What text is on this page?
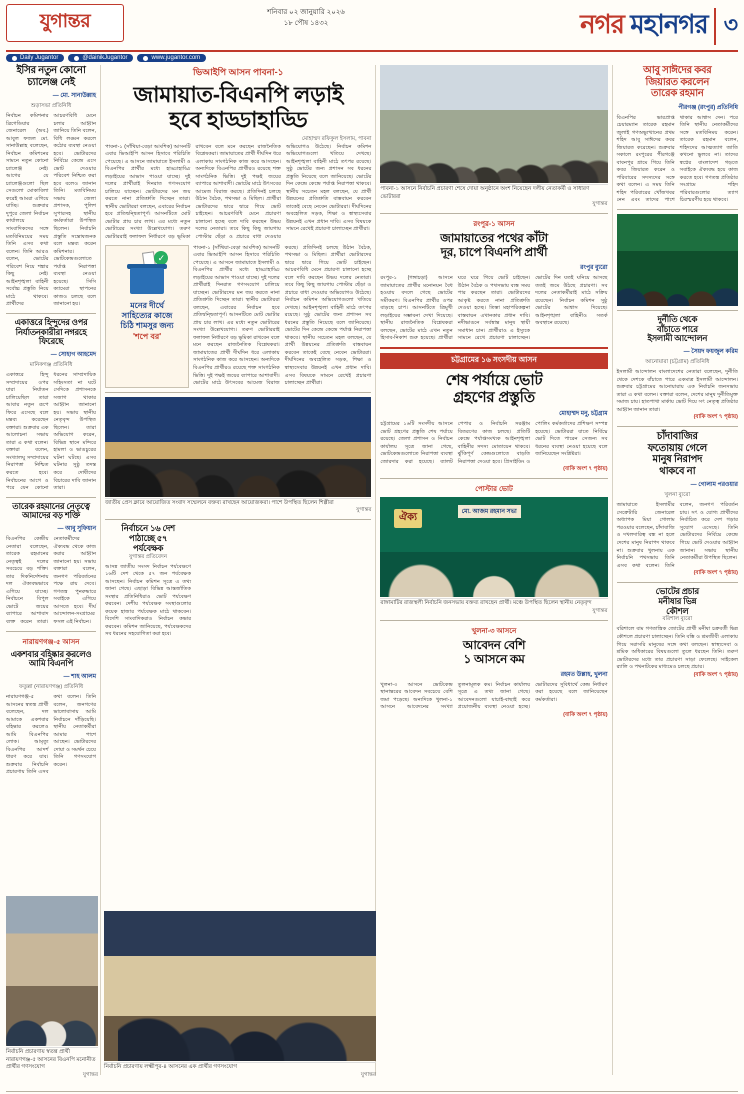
যুগান্তর	শনিবার ০২ জানুয়ারি ২০২৬
১৮ পৌষ ১৪৩২	নগর মহানগর ৩
Daily Jugantor	@dainikJugantor	www.jugantor.com
ইসির নতুন কোনো চ্যালেঞ্জ নেই
— মো. সানাউল্লাহ
শুড়াসভা প্রতিনিধি
নির্বাচন কমিশনার ব্রিগেডিয়ার জেনারেল (অব.) আবুল ফজল মো. সানাউল্লাহ বলেছেন, নির্বাচন কমিশনের সামনে নতুন কোনো চ্যালেঞ্জ নেই। আগের যে চ্যালেঞ্জগুলো ছিল সেগুলো মোকাবিলা করেই আমরা এগিয়ে যাচ্ছি। শুক্রবার দুপুরে জেলা নির্বাচন কার্যালয়ে সাংবাদিকদের সঙ্গে মতবিনিময়ের সময় তিনি এসব কথা বলেন। তিনি আরও বলেন, ভোটের পরিবেশ নিয়ে শঙ্কার কিছু নেই। আইনশৃঙ্খলা বাহিনী সর্বোচ্চ প্রস্তুতি নিয়ে মাঠে থাকবে। প্রার্থীদের আচরণবিধি মেনে চলার আহ্বান জানিয়ে তিনি বলেন, বিধি লঙ্ঘন করলে কঠোর ব্যবস্থা নেওয়া হবে। ভোটারদের নির্বিঘ্নে কেন্দ্রে এসে ভোট দেওয়ার পরিবেশ নিশ্চিত করা হবে বলেও জানান তিনি। মতবিনিময় সভায় জেলা প্রশাসক, পুলিশ সুপারসহ স্থানীয় কর্মকর্তারা উপস্থিত ছিলেন। নির্বাচনি প্রস্তুতি সন্তোষজনক বলে মন্তব্য করেন কমিশনার। ভোটকেন্দ্রগুলোতে পর্যাপ্ত নিরাপত্তা ব্যবস্থা নেওয়া হয়েছে। সিসি ক্যামেরা স্থাপনের কাজও চলছে বলে জানানো হয়।
একাত্তরে হিন্দুদের ওপর নির্যাতনকারীরা নগরহে ফিরেছে
— সোহাগ আহমেদ
মানিকগঞ্জ প্রতিনিধি
একাত্তরে হিন্দু সম্প্রদায়ের ওপর যারা নির্যাতন চালিয়েছিল তারা আবার নতুন রূপে ফিরে এসেছে বলে মন্তব্য করেছেন বক্তারা। শুক্রবার এক আলোচনা সভায় তারা এ কথা বলেন। বক্তারা বলেন, সংখ্যালঘু সম্প্রদায়ের নিরাপত্তা নিশ্চিত করতে হবে। নির্বাচনের আগে ও পরে যেন কোনো ধরনের সাম্প্রদায়িক সহিংসতা না ঘটে সেদিকে প্রশাসনকে সজাগ থাকার আহ্বান জানানো হয়। সভায় স্থানীয় নেতৃবৃন্দ উপস্থিত ছিলেন। তারা অভিযোগ করেন, বিভিন্ন স্থানে মন্দিরে হামলা ও ভাঙচুরের ঘটনা ঘটছে। এসব ঘটনার সুষ্ঠু তদন্ত করে দোষীদের বিচারের দাবি জানান তারা।
তারেক রহমানের নেতৃত্বে আমাদের বড় শক্তি
— আবু সুফিয়ান
বিএনপির কেন্দ্রীয় নেতারা বলেছেন, তারেক রহমানের নেতৃত্বই দলের সবচেয়ে বড় শক্তি। তার দিকনির্দেশনায় দল ঐক্যবদ্ধভাবে এগিয়ে যাচ্ছে। নির্বাচনে বিপুল ভোটে জয়ের ব্যাপারে আশাবাদ ব্যক্ত করেন তারা। নেতাকর্মীদের ঐক্যবদ্ধ থেকে কাজ করার আহ্বান জানানো হয়। সভায় বক্তারা বলেন, জনগণ পরিবর্তনের পক্ষে রায় দেবে। গণতন্ত্র পুনরুদ্ধারে সবাইকে এগিয়ে আসতে হবে। দীর্ঘ আন্দোলন-সংগ্রামের ফসল এই নির্বাচন।
নারায়ণগঞ্জ-৫ আসন
একশবার বহিষ্কার করলেও আমি বিএনপি
— শাহ আলম
ফতুল্লা (নারায়ণগঞ্জ) প্রতিনিধি
নারায়ণগঞ্জ-৫ আসনের স্বতন্ত্র প্রার্থী বলেছেন, দল আমাকে একশবার বহিষ্কার করলেও আমি বিএনপির লোক। আমৃত্যু বিএনপির আদর্শ ধারণ করে যাব। শুক্রবার নির্বাচনি প্রচারণায় তিনি এসব কথা বলেন। তিনি বলেন, জনগণের ভালোবাসায় আমি নির্বাচনে দাঁড়িয়েছি। স্থানীয় নেতাকর্মীরা আমার পাশে আছেন। ভোটারদের দোয়া ও সমর্থন চেয়ে তিনি গণসংযোগ করেন।
ভিআইপি আসন পাবনা-১
জামায়াত-বিএনপি লড়াই
হবে হাড্ডাহাড্ডি
মোহাম্মদ রফিকুল ইসলাম, পাবনা
পাবনা-১ (সাঁথিয়া-বেড়া আংশিক) আসনটি এবার ভিআইপি আসন হিসাবে পরিচিতি পেয়েছে। এ আসনে জামায়াতে ইসলামী ও বিএনপির প্রার্থীর মধ্যে হাড্ডাহাড্ডি লড়াইয়ের আভাস পাওয়া যাচ্ছে। দুই দলের প্রার্থীরাই দিনরাত গণসংযোগ চালিয়ে যাচ্ছেন। ভোটারদের মন জয় করতে নানা প্রতিশ্রুতি দিচ্ছেন তারা। স্থানীয় ভোটাররা বলছেন, এবারের নির্বাচন হবে প্রতিদ্বন্দ্বিতাপূর্ণ। আসনটিতে মোট ভোটার প্রায় চার লাখ। এর মধ্যে নতুন ভোটারের সংখ্যা উল্লেখযোগ্য। তরুণ ভোটাররাই ফলাফল নির্ধারণে বড় ভূমিকা রাখবেন বলে মনে করছেন রাজনৈতিক বিশ্লেষকরা। জামায়াতের প্রার্থী দীর্ঘদিন ধরে এলাকায় সাংগঠনিক কাজ করে আসছেন। অন্যদিকে বিএনপির প্রার্থীরও রয়েছে শক্ত সাংগঠনিক ভিত্তি। দুই পক্ষই জয়ের ব্যাপারে আশাবাদী। ভোটের মাঠে উৎসবের আমেজ বিরাজ করছে। প্রতিদিনই চলছে উঠান বৈঠক, পথসভা ও মিছিল। প্রার্থীরা ভোটারদের দ্বারে দ্বারে গিয়ে ভোট চাইছেন। আচরণবিধি মেনে প্রচারণা চালানো হচ্ছে বলে দাবি করছেন উভয় দলের নেতারা। তবে কিছু কিছু জায়গায় পোস্টার ছেঁড়া ও প্রচারে বাধা দেওয়ার অভিযোগও উঠেছে। নির্বাচন কমিশন অভিযোগগুলো খতিয়ে দেখছে। আইনশৃঙ্খলা বাহিনী মাঠে তৎপর রয়েছে। সুষ্ঠু ভোটের জন্য প্রশাসন সব ধরনের প্রস্তুতি নিয়েছে বলে জানিয়েছে। ভোটের দিন কেন্দ্রে কেন্দ্রে পর্যাপ্ত নিরাপত্তা থাকবে। স্থানীয় সচেতন মহল বলছেন, যে প্রার্থী উন্নয়নের প্রতিশ্রুতি বাস্তবায়ন করবেন তাকেই বেছে নেবেন ভোটাররা। দীর্ঘদিনের অবহেলিত সড়ক, শিক্ষা ও স্বাস্থ্যসেবার উন্নয়নই এখন প্রধান দাবি। এসব বিষয়কে সামনে রেখেই প্রচারণা চালাচ্ছেন প্রার্থীরা।
✓
মনের দীর্ঘে
সাহিত্যের কাজে
চিঠি শামসুর জন্য
'শপে বর'
পাবনা-১ (সাঁথিয়া-বেড়া আংশিক) আসনটি এবার ভিআইপি আসন হিসাবে পরিচিতি পেয়েছে। এ আসনে জামায়াতে ইসলামী ও বিএনপির প্রার্থীর মধ্যে হাড্ডাহাড্ডি লড়াইয়ের আভাস পাওয়া যাচ্ছে। দুই দলের প্রার্থীরাই দিনরাত গণসংযোগ চালিয়ে যাচ্ছেন। ভোটারদের মন জয় করতে নানা প্রতিশ্রুতি দিচ্ছেন তারা। স্থানীয় ভোটাররা বলছেন, এবারের নির্বাচন হবে প্রতিদ্বন্দ্বিতাপূর্ণ। আসনটিতে মোট ভোটার প্রায় চার লাখ। এর মধ্যে নতুন ভোটারের সংখ্যা উল্লেখযোগ্য। তরুণ ভোটাররাই ফলাফল নির্ধারণে বড় ভূমিকা রাখবেন বলে মনে করছেন রাজনৈতিক বিশ্লেষকরা। জামায়াতের প্রার্থী দীর্ঘদিন ধরে এলাকায় সাংগঠনিক কাজ করে আসছেন। অন্যদিকে বিএনপির প্রার্থীরও রয়েছে শক্ত সাংগঠনিক ভিত্তি। দুই পক্ষই জয়ের ব্যাপারে আশাবাদী। ভোটের মাঠে উৎসবের আমেজ বিরাজ করছে। প্রতিদিনই চলছে উঠান বৈঠক, পথসভা ও মিছিল। প্রার্থীরা ভোটারদের দ্বারে দ্বারে গিয়ে ভোট চাইছেন। আচরণবিধি মেনে প্রচারণা চালানো হচ্ছে বলে দাবি করছেন উভয় দলের নেতারা। তবে কিছু কিছু জায়গায় পোস্টার ছেঁড়া ও প্রচারে বাধা দেওয়ার অভিযোগও উঠেছে। নির্বাচন কমিশন অভিযোগগুলো খতিয়ে দেখছে। আইনশৃঙ্খলা বাহিনী মাঠে তৎপর রয়েছে। সুষ্ঠু ভোটের জন্য প্রশাসন সব ধরনের প্রস্তুতি নিয়েছে বলে জানিয়েছে। ভোটের দিন কেন্দ্রে কেন্দ্রে পর্যাপ্ত নিরাপত্তা থাকবে। স্থানীয় সচেতন মহল বলছেন, যে প্রার্থী উন্নয়নের প্রতিশ্রুতি বাস্তবায়ন করবেন তাকেই বেছে নেবেন ভোটাররা। দীর্ঘদিনের অবহেলিত সড়ক, শিক্ষা ও স্বাস্থ্যসেবার উন্নয়নই এখন প্রধান দাবি। এসব বিষয়কে সামনে রেখেই প্রচারণা চালাচ্ছেন প্রার্থীরা।
জাতীয় প্রেস ক্লাবে আয়োজিত সংবাদ সম্মেলনে বক্তব্য রাখছেন আয়োজকরা। পাশে উপস্থিত ছিলেন শিল্পীরা
যুগান্তর
নির্বাচনে ১৬ দেশ
পাঠাচ্ছে ৫৭
পর্যবেক্ষক
যুগান্তর প্রতিবেদন
আসন্ন জাতীয় সংসদ নির্বাচন পর্যবেক্ষণে ১৬টি দেশ থেকে ৫৭ জন পর্যবেক্ষক আসছেন। নির্বাচন কমিশন সূত্রে এ তথ্য জানা গেছে। এছাড়া বিভিন্ন আন্তর্জাতিক সংস্থার প্রতিনিধিরাও ভোট পর্যবেক্ষণ করবেন। দেশীয় পর্যবেক্ষক সংস্থাগুলোর কয়েক হাজার পর্যবেক্ষক মাঠে থাকবেন। বিদেশি সাংবাদিকরাও নির্বাচন কভার করবেন। কমিশন জানিয়েছে, পর্যবেক্ষকদের সব ধরনের সহযোগিতা করা হবে।
পাবনা-১ আসনে নির্বাচনি প্রচারণা শেষে দোয়া অনুষ্ঠানে অংশ নিয়েছেন দলীয় নেতাকর্মী ও সাধারণ ভোটাররা
যুগান্তর
রংপুর-১ আসন
জামায়াতের পথের কাঁটা
দূর, চাপে বিএনপি প্রার্থী
রংপুর ব্যুরো
রংপুর-১ (গঙ্গাচড়া) আসনে জামায়াতের প্রার্থীর মনোনয়ন বৈধ হওয়ায় বদলে গেছে ভোটের সমীকরণ। বিএনপির প্রার্থীর ওপর বাড়ছে চাপ। আসনটিতে ত্রিমুখী লড়াইয়ের সম্ভাবনা দেখা দিয়েছে। স্থানীয় রাজনৈতিক বিশ্লেষকরা বলছেন, ভোটের মাঠে এখন নতুন হিসাব-নিকাশ শুরু হয়েছে। প্রার্থীরা ঘরে ঘরে গিয়ে ভোট চাইছেন। উঠান বৈঠক ও পথসভায় ব্যস্ত সময় পার করছেন তারা। ভোটারদের আকৃষ্ট করতে নানা প্রতিশ্রুতি দেওয়া হচ্ছে। তিস্তা মহাপরিকল্পনা বাস্তবায়ন এখানকার প্রধান দাবি। নদীভাঙনে সর্বস্বান্ত মানুষ স্থায়ী সমাধান চান। প্রার্থীরাও এ ইস্যুকে সামনে রেখে প্রচারণা চালাচ্ছেন। ভোটের দিন যতই ঘনিয়ে আসছে ততই জমে উঠছে প্রচারণা। সব দলের নেতাকর্মীরাই মাঠে সক্রিয় রয়েছেন। নির্বাচন কমিশন সুষ্ঠু ভোটের আশ্বাস দিয়েছে। আইনশৃঙ্খলা বাহিনীও সতর্ক অবস্থানে রয়েছে।
চট্টগ্রামের ১৬ সংসদীয় আসন
শেষ পর্যায়ে ভোট
গ্রহণের প্রস্তুতি
মোহাম্মদ মনু, চট্টগ্রাম
চট্টগ্রামের ১৬টি সংসদীয় আসনে ভোট গ্রহণের প্রস্তুতি শেষ পর্যায়ে রয়েছে। জেলা প্রশাসন ও নির্বাচন কার্যালয় সূত্রে জানা গেছে, ভোটকেন্দ্রগুলোতে নিরাপত্তা ব্যবস্থা জোরদার করা হয়েছে। ব্যালট পেপার ও নির্বাচনি সরঞ্জাম বিতরণের কাজ চলছে। প্রতিটি কেন্দ্রে পর্যাপ্তসংখ্যক আইনশৃঙ্খলা বাহিনীর সদস্য মোতায়েন থাকবে। ঝুঁকিপূর্ণ কেন্দ্রগুলোতে বাড়তি নিরাপত্তা দেওয়া হবে। প্রিসাইডিং ও পোলিং কর্মকর্তাদের প্রশিক্ষণ সম্পন্ন হয়েছে। ভোটাররা যাতে নির্বিঘ্নে ভোট দিতে পারেন সেজন্য সব ধরনের ব্যবস্থা নেওয়া হয়েছে বলে জানিয়েছেন সংশ্লিষ্টরা।
(বাকি অংশ ৭ পৃষ্ঠায়)
পোস্টার ভোট
ঐক্য	মো. আজম রহমান সভা
রাঙ্গামাটির রাজস্থলী নির্বাচনি জনসভায় বক্তব্য রাখছেন প্রার্থী। মঞ্চে উপস্থিত ছিলেন স্থানীয় নেতৃবৃন্দ
যুগান্তর
খুলনা-৩ আসনে
আবেদন বেশি
১ আসনে কম
রহমত উল্লাহ, খুলনা
খুলনা-৩ আসনে ভোটকেন্দ্র স্থানান্তরের আবেদন সবচেয়ে বেশি জমা পড়েছে। অন্যদিকে খুলনা-১ আসনে আবেদনের সংখ্যা তুলনামূলক কম। নির্বাচন কার্যালয় সূত্রে এ তথ্য জানা গেছে। আবেদনগুলো যাচাই-বাছাই করে প্রয়োজনীয় ব্যবস্থা নেওয়া হচ্ছে। ভোটারদের সুবিধার্থে কেন্দ্র নির্ধারণ করা হয়েছে বলে জানিয়েছেন কর্মকর্তারা।
(বাকি অংশ ৭ পৃষ্ঠায়)
আবু সাঈদের কবর
জিয়ারত করলেন
তারেক রহমান
পীরগঞ্জ (রংপুর) প্রতিনিধি
বিএনপির ভারপ্রাপ্ত চেয়ারম্যান তারেক রহমান জুলাই গণঅভ্যুত্থানের প্রথম শহিদ আবু সাঈদের কবর জিয়ারত করেছেন। শুক্রবার সকালে রংপুরের পীরগঞ্জে বাবনপুর গ্রামে গিয়ে তিনি কবর জিয়ারত করেন ও পরিবারের সদস্যদের সঙ্গে কথা বলেন। এ সময় তিনি শহিদ পরিবারের খোঁজখবর নেন এবং তাদের পাশে থাকার আশ্বাস দেন। পরে তিনি স্থানীয় নেতাকর্মীদের সঙ্গে মতবিনিময় করেন। তারেক রহমান বলেন, শহিদদের আত্মত্যাগ জাতি কখনো ভুলবে না। তাদের স্বপ্নের বাংলাদেশ গড়তে সবাইকে ঐক্যবদ্ধ হয়ে কাজ করতে হবে। গণতন্ত্র প্রতিষ্ঠার সংগ্রামে শহিদ পরিবারগুলোর ত্যাগ চিরস্মরণীয় হয়ে থাকবে।
দুর্নীতি থেকে
বাঁচাতে পারে
ইসলামী আন্দোলন
— সৈয়দ ফয়জুল করিম
আনোয়ারা (চট্টগ্রাম) প্রতিনিধি
ইসলামী আন্দোলন বাংলাদেশের নেতারা বলেছেন, দুর্নীতি থেকে দেশকে বাঁচাতে পারে একমাত্র ইসলামী আন্দোলন। শুক্রবার চট্টগ্রামের আনোয়ারায় এক নির্বাচনি জনসভায় তারা এ কথা বলেন। বক্তারা বলেন, দেশের মানুষ দুর্নীতিমুক্ত সমাজ চায়। হাতপাখা মার্কায় ভোট দিয়ে সৎ নেতৃত্ব প্রতিষ্ঠার আহ্বান জানান তারা।
(বাকি অংশ ৭ পৃষ্ঠায়)
চাঁদাবাজির
ফতোয়ায় গেলে
মানুষ নিরাপদ
থাকবে না
— গোলাম পরওয়ার
খুলনা ব্যুরো
জামায়াতে ইসলামীর সেক্রেটারি জেনারেল অধ্যাপক মিয়া গোলাম পরওয়ার বলেছেন, চাঁদাবাজি ও দখলদারিত্ব বন্ধ না হলে দেশের মানুষ নিরাপদ থাকবে না। শুক্রবার খুলনায় এক নির্বাচনি পথসভায় তিনি এসব কথা বলেন। তিনি বলেন, জনগণ পরিবর্তন চায়। সৎ ও যোগ্য প্রার্থীদের নির্বাচিত করে দেশ গড়ার সুযোগ এসেছে। তিনি ভোটারদের নির্বিঘ্নে কেন্দ্রে গিয়ে ভোট দেওয়ার আহ্বান জানান। সভায় স্থানীয় নেতাকর্মীরা উপস্থিত ছিলেন।
(বাকি অংশ ৭ পৃষ্ঠায়)
ভোটের প্রচার
মনীষার ভিন্ন
কৌশল
বরিশাল ব্যুরো
বরিশালে বাম গণতান্ত্রিক জোটের প্রার্থী মনীষা চক্রবর্তী ভিন্ন কৌশলে প্রচারণা চালাচ্ছেন। তিনি বস্তি ও শ্রমজীবী এলাকায় গিয়ে সরাসরি মানুষের সঙ্গে কথা বলছেন। স্বাস্থ্যসেবা ও শ্রমিক অধিকারের বিষয়গুলো তুলে ধরছেন তিনি। তরুণ ভোটারদের মধ্যে তার প্রচারণা সাড়া ফেলেছে। সাইকেল র‍্যালি ও পথনাটকের মাধ্যমেও চলছে প্রচার।
(বাকি অংশ ৭ পৃষ্ঠায়)
নির্বাচনি প্রচারণায় স্বতন্ত্র প্রার্থী নারায়ণগঞ্জ-৫ আসনের বিএনপি মনোনীত প্রার্থীর গণসংযোগ
যুগান্তর
নির্বাচনি প্রচারণায় লক্ষ্মীপুর-৪ আসনের এক প্রার্থীর গণসংযোগ
যুগান্তর
